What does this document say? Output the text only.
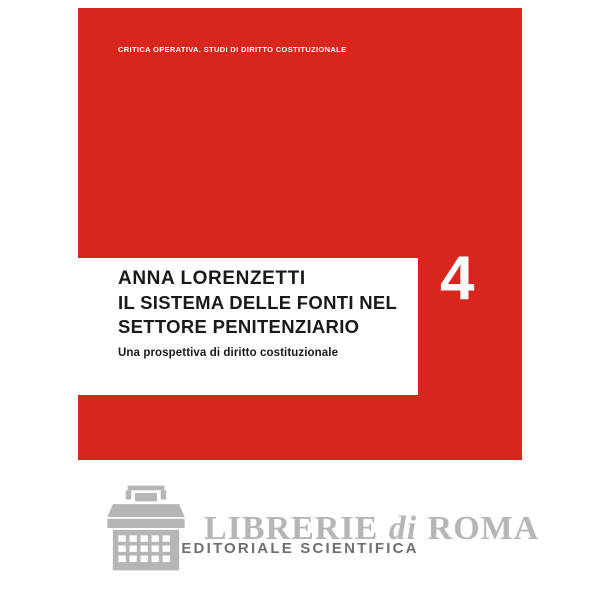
CRITICA OPERATIVA. STUDI DI DIRITTO COSTITUZIONALE
4
ANNA LORENZETTI
IL SISTEMA DELLE FONTI NEL SETTORE PENITENZIARIO
Una prospettiva di diritto costituzionale
EDITORIALE SCIENTIFICA
LIBRERIE di ROMA
